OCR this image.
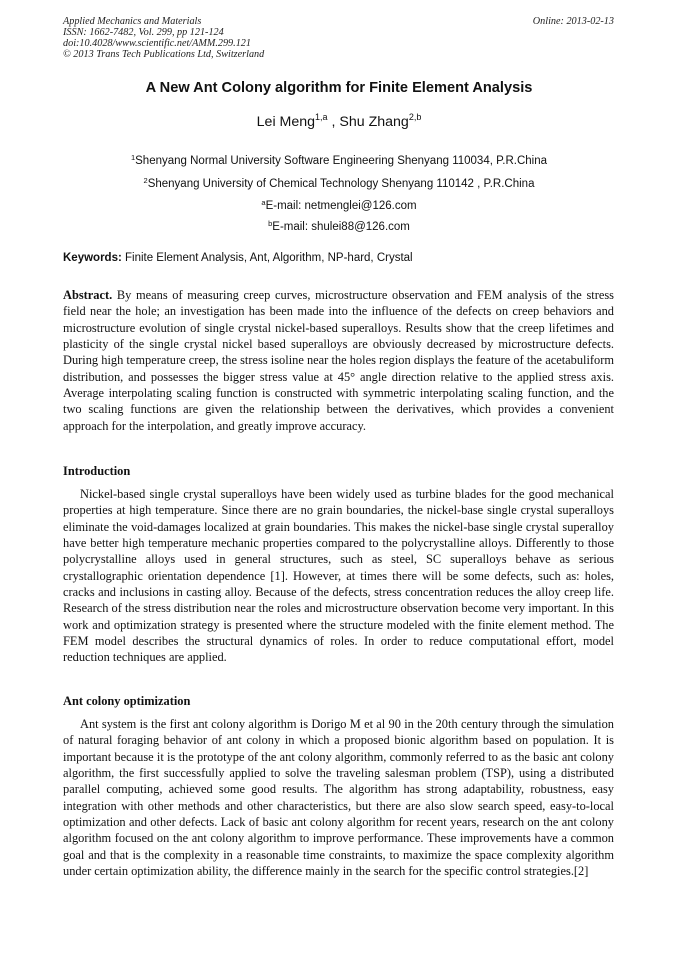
Applied Mechanics and Materials
ISSN: 1662-7482, Vol. 299, pp 121-124
doi:10.4028/www.scientific.net/AMM.299.121
© 2013 Trans Tech Publications Ltd, Switzerland
Online: 2013-02-13
A New Ant Colony algorithm for Finite Element Analysis
Lei Meng$^{1,a}$ , Shu Zhang$^{2,b}$
$^1$Shenyang Normal University Software Engineering Shenyang 110034, P.R.China
$^2$Shenyang University of Chemical Technology Shenyang 110142 , P.R.China
$^a$E-mail: netmenglei@126.com
$^b$E-mail: shulei88@126.com
Keywords: Finite Element Analysis, Ant, Algorithm, NP-hard, Crystal

Abstract. By means of measuring creep curves, microstructure observation and FEM analysis of the stress field near the hole; an investigation has been made into the influence of the defects on creep behaviors and microstructure evolution of single crystal nickel-based superalloys. Results show that the creep lifetimes and plasticity of the single crystal nickel based superalloys are obviously decreased by microstructure defects. During high temperature creep, the stress isoline near the holes region displays the feature of the acetabuliform distribution, and possesses the bigger stress value at 45° angle direction relative to the applied stress axis. Average interpolating scaling function is constructed with symmetric interpolating scaling function, and the two scaling functions are given the relationship between the derivatives, which provides a convenient approach for the interpolation, and greatly improve accuracy.

Introduction

Nickel-based single crystal superalloys have been widely used as turbine blades for the good mechanical properties at high temperature. Since there are no grain boundaries, the nickel-base single crystal superalloys eliminate the void-damages localized at grain boundaries. This makes the nickel-base single crystal superalloy have better high temperature mechanic properties compared to the polycrystalline alloys. Differently to those polycrystalline alloys used in general structures, such as steel, SC superalloys behave as serious crystallographic orientation dependence [1]. However, at times there will be some defects, such as: holes, cracks and inclusions in casting alloy. Because of the defects, stress concentration reduces the alloy creep life. Research of the stress distribution near the roles and microstructure observation become very important. In this work and optimization strategy is presented where the structure modeled with the finite element method. The FEM model describes the structural dynamics of roles. In order to reduce computational effort, model reduction techniques are applied.

Ant colony optimization

Ant system is the first ant colony algorithm is Dorigo M et al 90 in the 20th century through the simulation of natural foraging behavior of ant colony in which a proposed bionic algorithm based on population. It is important because it is the prototype of the ant colony algorithm, commonly referred to as the basic ant colony algorithm, the first successfully applied to solve the traveling salesman problem (TSP), using a distributed parallel computing, achieved some good results. The algorithm has strong adaptability, robustness, easy integration with other methods and other characteristics, but there are also slow search speed, easy-to-local optimization and other defects. Lack of basic ant colony algorithm for recent years, research on the ant colony algorithm focused on the ant colony algorithm to improve performance. These improvements have a common goal and that is the complexity in a reasonable time constraints, to maximize the space complexity algorithm under certain optimization ability, the difference mainly in the search for the specific control strategies.[2]
